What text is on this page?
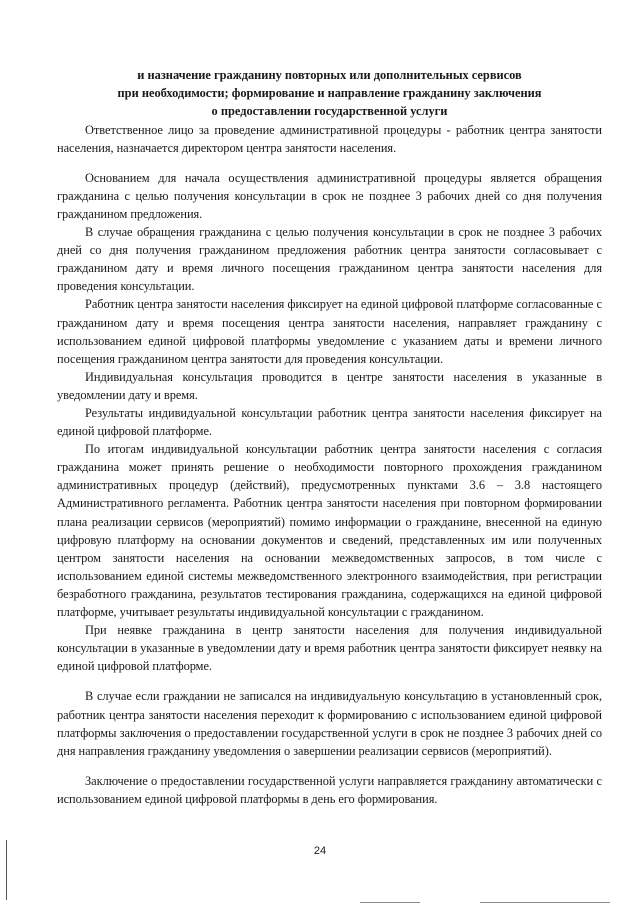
и назначение гражданину повторных или дополнительных сервисов
при необходимости; формирование и направление гражданину заключения
о предоставлении государственной услуги

Ответственное лицо за проведение административной процедуры - работник центра занятости населения, назначается директором центра занятости населения.

Основанием для начала осуществления административной процедуры является обращения гражданина с целью получения консультации в срок не позднее 3 рабочих дней со дня получения гражданином предложения.

В случае обращения гражданина с целью получения консультации в срок не позднее 3 рабочих дней со дня получения гражданином предложения работник центра занятости согласовывает с гражданином дату и время личного посещения гражданином центра занятости населения для проведения консультации.

Работник центра занятости населения фиксирует на единой цифровой платформе согласованные с гражданином дату и время посещения центра занятости населения, направляет гражданину с использованием единой цифровой платформы уведомление с указанием даты и времени личного посещения гражданином центра занятости для проведения консультации.

Индивидуальная консультация проводится в центре занятости населения в указанные в уведомлении дату и время.

Результаты индивидуальной консультации работник центра занятости населения фиксирует на единой цифровой платформе.

По итогам индивидуальной консультации работник центра занятости населения с согласия гражданина может принять решение о необходимости повторного прохождения гражданином административных процедур (действий), предусмотренных пунктами 3.6 – 3.8 настоящего Административного регламента. Работник центра занятости населения при повторном формировании плана реализации сервисов (мероприятий) помимо информации о гражданине, внесенной на единую цифровую платформу на основании документов и сведений, представленных им или полученных центром занятости населения на основании межведомственных запросов, в том числе с использованием единой системы межведомственного электронного взаимодействия, при регистрации безработного гражданина, результатов тестирования гражданина, содержащихся на единой цифровой платформе, учитывает результаты индивидуальной консультации с гражданином.

При неявке гражданина в центр занятости населения для получения индивидуальной консультации в указанные в уведомлении дату и время работник центра занятости фиксирует неявку на единой цифровой платформе.

В случае если граждании не записался на индивидуальную консультацию в установленный срок, работник центра занятости населения переходит к формированию с использованием единой цифровой платформы заключения о предоставлении государственной услуги в срок не позднее 3 рабочих дней со дня направления гражданину уведомления о завершении реализации сервисов (мероприятий).

Заключение о предоставлении государственной услуги направляется гражданину автоматически с использованием единой цифровой платформы в день его формирования.

24
